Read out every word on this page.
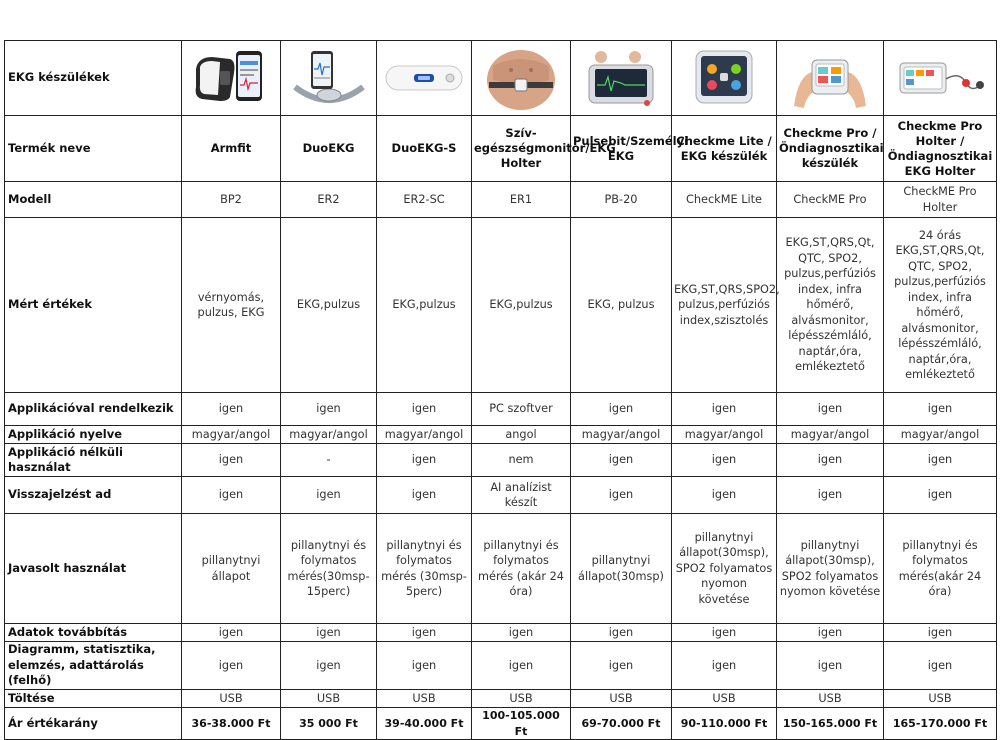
EKG készülékek	

Termék neve	Armfit	DuoEKG	DuoEKG-S	Szív-egészségmonitor/EKG Holter	Pulsebit/Személyi EKG	Checkme Lite / EKG készülék	Checkme Pro / Öndiagnosztikai készülék	Checkme Pro Holter / Öndiagnosztikai EKG Holter
Modell	BP2	ER2	ER2-SC	ER1	PB-20	CheckME Lite	CheckME Pro	CheckME Pro Holter
Mért értékek	vérnyomás, pulzus, EKG	EKG,pulzus	EKG,pulzus	EKG,pulzus	EKG, pulzus	EKG,ST,QRS,SPO2, pulzus,perfúziós index,szisztolés	EKG,ST,QRS,Qt, QTC, SPO2, pulzus,perfúziós index, infra hőmérő, alvásmonitor, lépésszémláló, naptár,óra, emlékeztető	24 órás EKG,ST,QRS,Qt, QTC, SPO2, pulzus,perfúziós index, infra hőmérő, alvásmonitor, lépésszémláló, naptár,óra, emlékeztető
Applikációval rendelkezik	igen	igen	igen	PC szoftver	igen	igen	igen	igen
Applikáció nyelve	magyar/angol	magyar/angol	magyar/angol	angol	magyar/angol	magyar/angol	magyar/angol	magyar/angol
Applikáció nélküli használat	igen	-	igen	nem	igen	igen	igen	igen
Visszajelzést ad	igen	igen	igen	AI analízist készít	igen	igen	igen	igen
Javasolt használat	pillanytnyi állapot	pillanytnyi és folymatos mérés(30msp-15perc)	pillanytnyi és folymatos mérés (30msp-5perc)	pillanytnyi és folymatos mérés (akár 24 óra)	pillanytnyi állapot(30msp)	pillanytnyi állapot(30msp), SPO2 folyamatos nyomon követése	pillanytnyi állapot(30msp), SPO2 folyamatos nyomon követése	pillanytnyi és folymatos mérés(akár 24 óra)
Adatok továbbítás	igen	igen	igen	igen	igen	igen	igen	igen
Diagramm, statisztika, elemzés, adattárolás (felhő)	igen	igen	igen	igen	igen	igen	igen	igen
Töltése	USB	USB	USB	USB	USB	USB	USB	USB
Ár értékarány	36-38.000 Ft	35 000 Ft	39-40.000 Ft	100-105.000 Ft	69-70.000 Ft	90-110.000 Ft	150-165.000 Ft	165-170.000 Ft
